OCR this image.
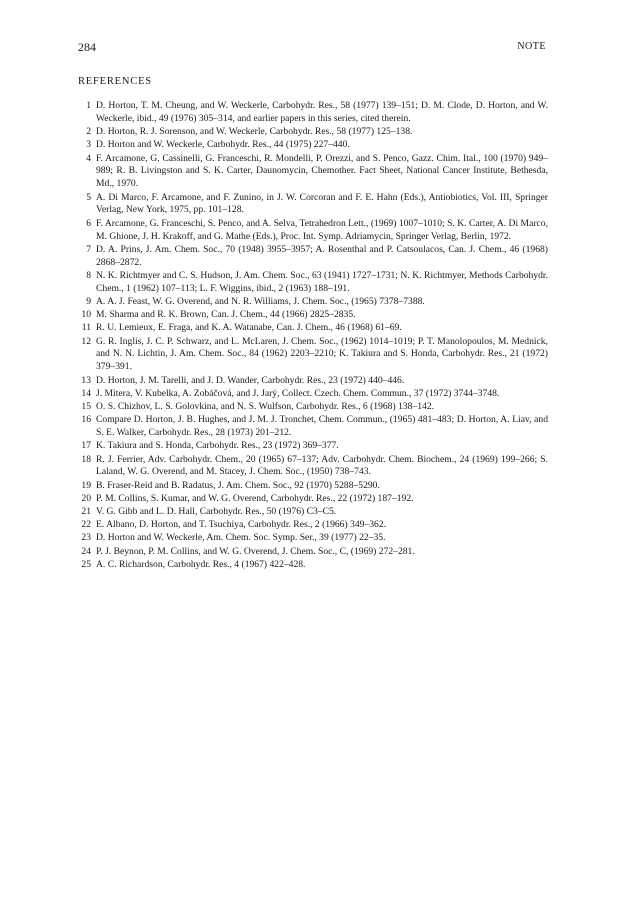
284	NOTE
REFERENCES
1 D. Horton, T. M. Cheung, and W. Weckerle, Carbohydr. Res., 58 (1977) 139–151; D. M. Clode, D. Horton, and W. Weckerle, ibid., 49 (1976) 305–314, and earlier papers in this series, cited therein.
2 D. Horton, R. J. Sorenson, and W. Weckerle, Carbohydr. Res., 58 (1977) 125–138.
3 D. Horton and W. Weckerle, Carbohydr. Res., 44 (1975) 227–440.
4 F. Arcamone, G. Cassinelli, G. Franceschi, R. Mondelli, P. Orezzi, and S. Penco, Gazz. Chim. Ital., 100 (1970) 949–989; R. B. Livingston and S. K. Carter, Daunomycin, Chemother. Fact Sheet, National Cancer Institute, Bethesda, Md., 1970.
5 A. Di Marco, F. Arcamone, and F. Zunino, in J. W. Corcoran and F. E. Hahn (Eds.), Antiobiotics, Vol. III, Springer Verlag, New York, 1975, pp. 101–128.
6 F. Arcamone, G. Franceschi, S. Penco, and A. Selva, Tetrahedron Lett., (1969) 1007–1010; S. K. Carter, A. Di Marco, M. Ghione, J. H. Krakoff, and G. Mathe (Eds.), Proc. Int. Symp. Adriamycin, Springer Verlag, Berlin, 1972.
7 D. A. Prins, J. Am. Chem. Soc., 70 (1948) 3955–3957; A. Rosenthal and P. Catsoulacos, Can. J. Chem., 46 (1968) 2868–2872.
8 N. K. Richtmyer and C. S. Hudson, J. Am. Chem. Soc., 63 (1941) 1727–1731; N. K. Richtmyer, Methods Carbohydr. Chem., 1 (1962) 107–113; L. F. Wiggins, ibid., 2 (1963) 188–191.
9 A. A. J. Feast, W. G. Overend, and N. R. Williams, J. Chem. Soc., (1965) 7378–7388.
10 M. Sharma and R. K. Brown, Can. J. Chem., 44 (1966) 2825–2835.
11 R. U. Lemieux, E. Fraga, and K. A. Watanabe, Can. J. Chem., 46 (1968) 61–69.
12 G. R. Inglis, J. C. P. Schwarz, and L. McLaren, J. Chem. Soc., (1962) 1014–1019; P. T. Manolopoulos, M. Mednick, and N. N. Lichtin, J. Am. Chem. Soc., 84 (1962) 2203–2210; K. Takiura and S. Honda, Carbohydr. Res., 21 (1972) 379–391.
13 D. Horton, J. M. Tarelli, and J. D. Wander, Carbohydr. Res., 23 (1972) 440–446.
14 J. Mitera, V. Kubelka, A. Zobáčová, and J. Jarý, Collect. Czech. Chem. Commun., 37 (1972) 3744–3748.
15 O. S. Chizhov, L. S. Golovkina, and N. S. Wulfson, Carbohydr. Res., 6 (1968) 138–142.
16 Compare D. Horton, J. B. Hughes, and J. M. J. Tronchet, Chem. Commun., (1965) 481–483; D. Horton, A. Liav, and S. E. Walker, Carbohydr. Res., 28 (1973) 201–212.
17 K. Takiura and S. Honda, Carbohydr. Res., 23 (1972) 369–377.
18 R. J. Ferrier, Adv. Carbohydr. Chem., 20 (1965) 67–137; Adv. Carbohydr. Chem. Biochem., 24 (1969) 199–266; S. Laland, W. G. Overend, and M. Stacey, J. Chem. Soc., (1950) 738–743.
19 B. Fraser-Reid and B. Radatus, J. Am. Chem. Soc., 92 (1970) 5288–5290.
20 P. M. Collins, S. Kumar, and W. G. Overend, Carbohydr. Res., 22 (1972) 187–192.
21 V. G. Gibb and L. D. Hall, Carbohydr. Res., 50 (1976) C3–C5.
22 E. Albano, D. Horton, and T. Tsuchiya, Carbohydr. Res., 2 (1966) 349–362.
23 D. Horton and W. Weckerle, Am. Chem. Soc. Symp. Ser., 39 (1977) 22–35.
24 P. J. Beynon, P. M. Collins, and W. G. Overend, J. Chem. Soc., C, (1969) 272–281.
25 A. C. Richardson, Carbohydr. Res., 4 (1967) 422–428.
